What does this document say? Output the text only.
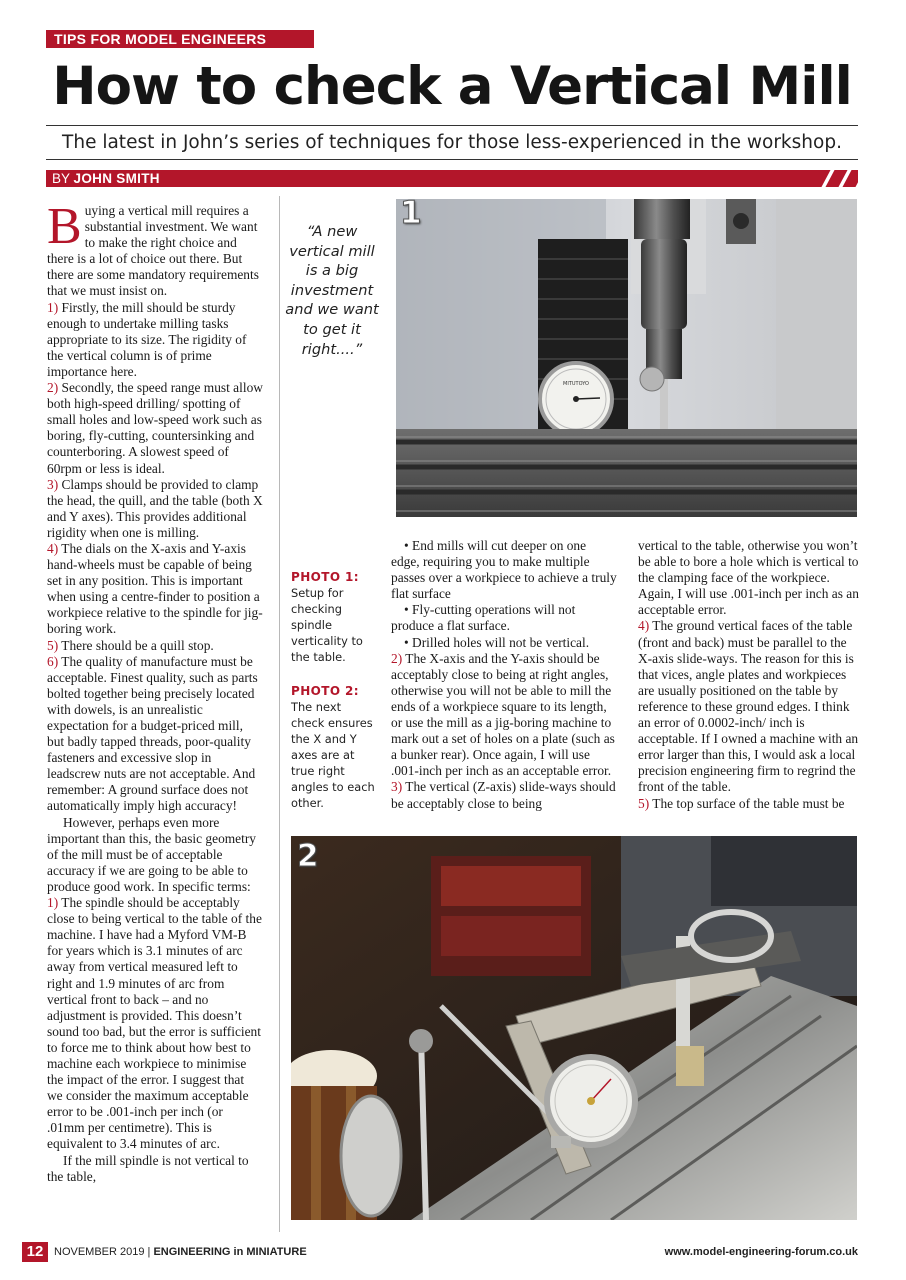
TIPS FOR MODEL ENGINEERS
How to check a Vertical Mill
The latest in John’s series of techniques for those less-experienced in the workshop.
BY JOHN SMITH

Buying a vertical mill requires a substantial investment. We want to make the right choice and there is a lot of choice out there. But there are some mandatory requirements that we must insist on.

1) Firstly, the mill should be sturdy enough to undertake milling tasks appropriate to its size. The rigidity of the vertical column is of prime importance here.

2) Secondly, the speed range must allow both high-speed drilling/ spotting of small holes and low-speed work such as boring, fly-cutting, countersinking and counterboring. A slowest speed of 60rpm or less is ideal.

3) Clamps should be provided to clamp the head, the quill, and the table (both X and Y axes). This provides additional rigidity when one is milling.

4) The dials on the X-axis and Y-axis hand-wheels must be capable of being set in any position. This is important when using a centre-finder to position a workpiece relative to the spindle for jig-boring work.

5) There should be a quill stop.

6) The quality of manufacture must be acceptable. Finest quality, such as parts bolted together being precisely located with dowels, is an unrealistic expectation for a budget-priced mill, but badly tapped threads, poor-quality fasteners and excessive slop in leadscrew nuts are not acceptable. And remember: A ground surface does not automatically imply high accuracy!

However, perhaps even more important than this, the basic geometry of the mill must be of acceptable accuracy if we are going to be able to produce good work. In specific terms:

1) The spindle should be acceptably close to being vertical to the table of the machine. I have had a Myford VM-B for years which is 3.1 minutes of arc away from vertical measured left to right and 1.9 minutes of arc from vertical front to back – and no adjustment is provided. This doesn’t sound too bad, but the error is sufficient to force me to think about how best to machine each workpiece to minimise the impact of the error. I suggest that we consider the maximum acceptable error to be .001-inch per inch (or .01mm per centimetre). This is equivalent to 3.4 minutes of arc.

If the mill spindle is not vertical to the table,

“A new vertical mill is a big investment and we want to get it right....”
PHOTO 1:
Setup for checking spindle verticality to the table.
PHOTO 2:
The next check ensures the X and Y axes are at true right angles to each other.

• End mills will cut deeper on one edge, requiring you to make multiple passes over a workpiece to achieve a truly flat surface

• Fly-cutting operations will not produce a flat surface.

• Drilled holes will not be vertical.

2) The X-axis and the Y-axis should be acceptably close to being at right angles, otherwise you will not be able to mill the ends of a workpiece square to its length, or use the mill as a jig-boring machine to mark out a set of holes on a plate (such as a bunker rear). Once again, I will use .001-inch per inch as an acceptable error.

3) The vertical (Z-axis) slide-ways should be acceptably close to being

vertical to the table, otherwise you won’t be able to bore a hole which is vertical to the clamping face of the workpiece. Again, I will use .001-inch per inch as an acceptable error.

4) The ground vertical faces of the table (front and back) must be parallel to the X-axis slide-ways. The reason for this is that vices, angle plates and workpieces are usually positioned on the table by reference to these ground edges. I think an error of 0.0002-inch/ inch is acceptable. If I owned a machine with an error larger than this, I would ask a local precision engineering firm to regrind the front of the table.

5) The top surface of the table must be

MITUTOYO
1
2
12 NOVEMBER 2019 | ENGINEERING in MINIATURE	www.model-engineering-forum.co.uk
